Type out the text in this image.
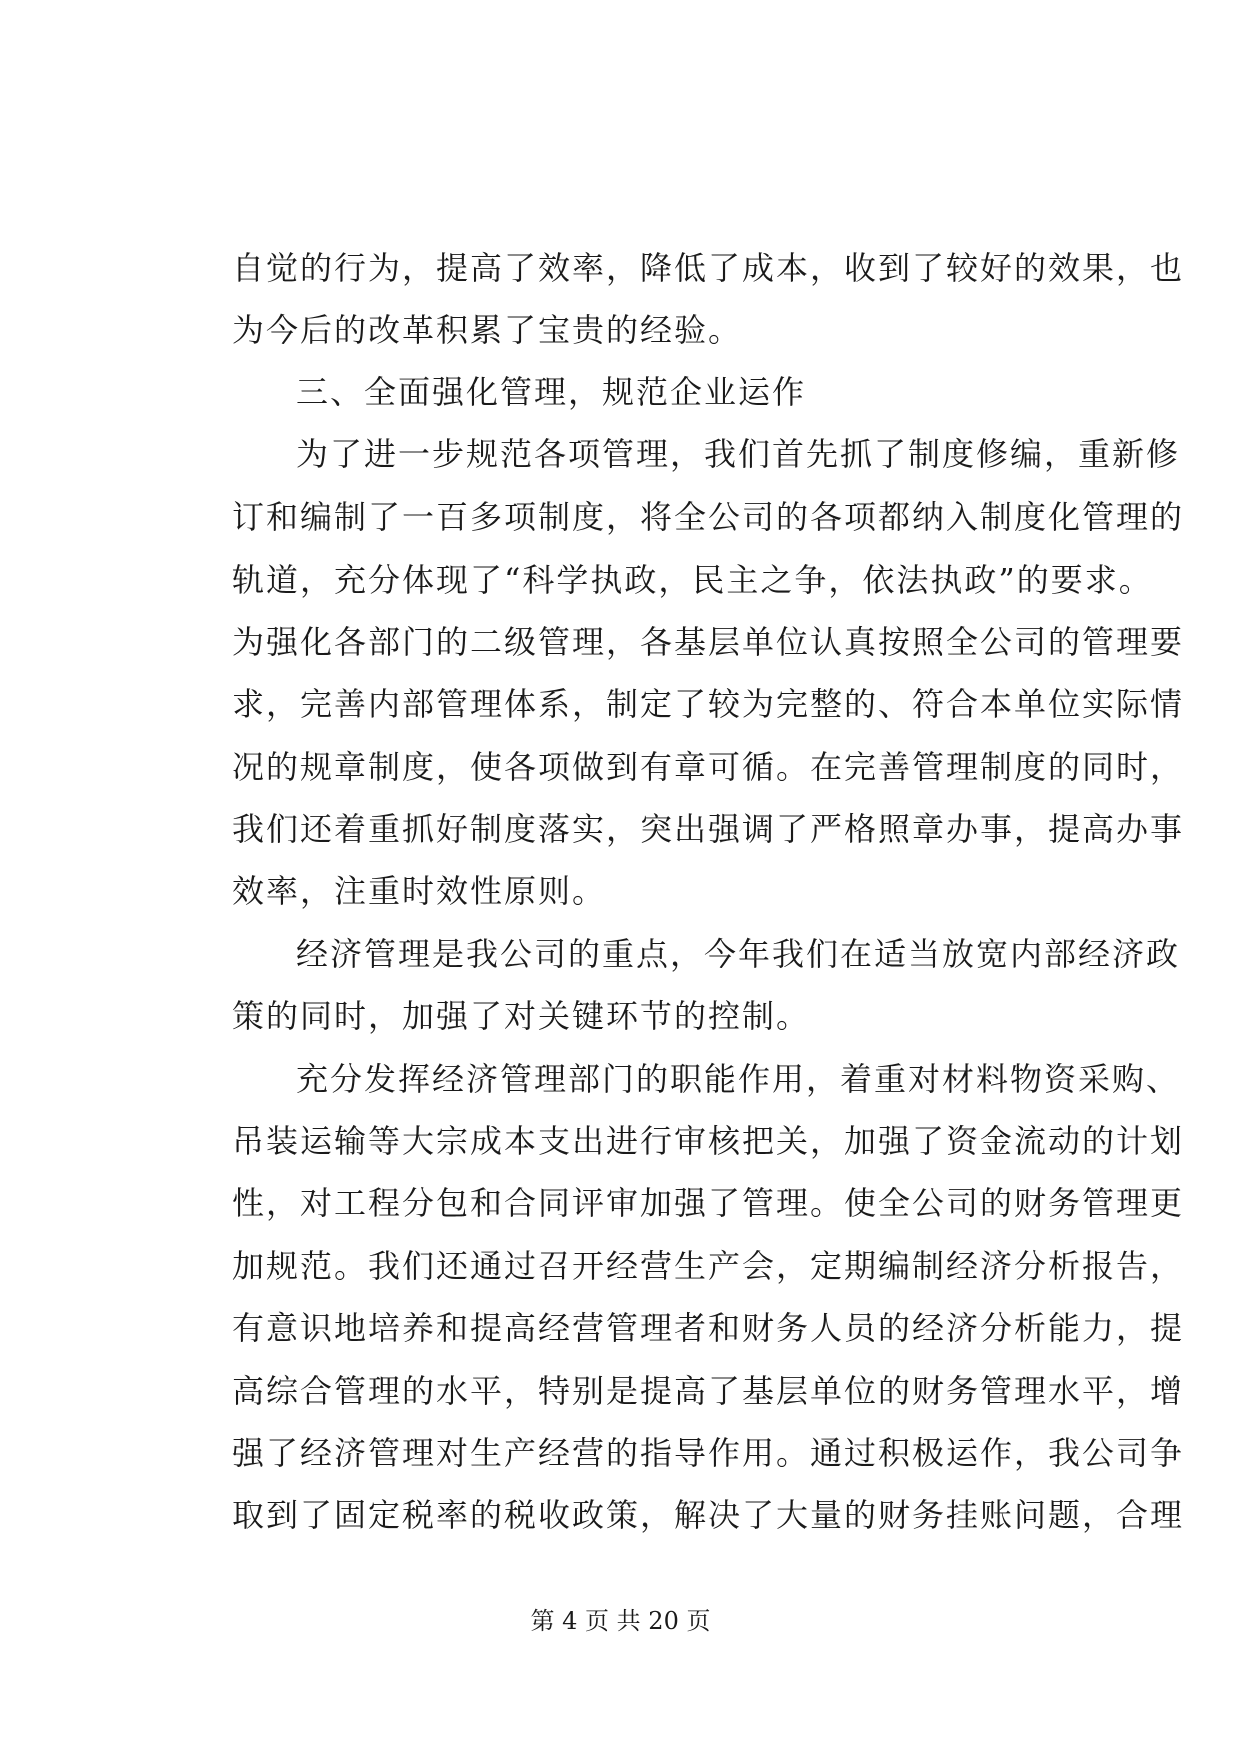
自觉的行为，提高了效率，降低了成本，收到了较好的效果，也
为今后的改革积累了宝贵的经验。
三、全面强化管理，规范企业运作
为了进一步规范各项管理，我们首先抓了制度修编，重新修
订和编制了一百多项制度，将全公司的各项都纳入制度化管理的
轨道，充分体现了“科学执政，民主之争，依法执政”的要求。
为强化各部门的二级管理，各基层单位认真按照全公司的管理要
求，完善内部管理体系，制定了较为完整的、符合本单位实际情
况的规章制度，使各项做到有章可循。在完善管理制度的同时，
我们还着重抓好制度落实，突出强调了严格照章办事，提高办事
效率，注重时效性原则。
经济管理是我公司的重点，今年我们在适当放宽内部经济政
策的同时，加强了对关键环节的控制。
充分发挥经济管理部门的职能作用，着重对材料物资采购、
吊装运输等大宗成本支出进行审核把关，加强了资金流动的计划
性，对工程分包和合同评审加强了管理。使全公司的财务管理更
加规范。我们还通过召开经营生产会，定期编制经济分析报告，
有意识地培养和提高经营管理者和财务人员的经济分析能力，提
高综合管理的水平，特别是提高了基层单位的财务管理水平，增
强了经济管理对生产经营的指导作用。通过积极运作，我公司争
取到了固定税率的税收政策，解决了大量的财务挂账问题，合理
第 4 页 共 20 页
